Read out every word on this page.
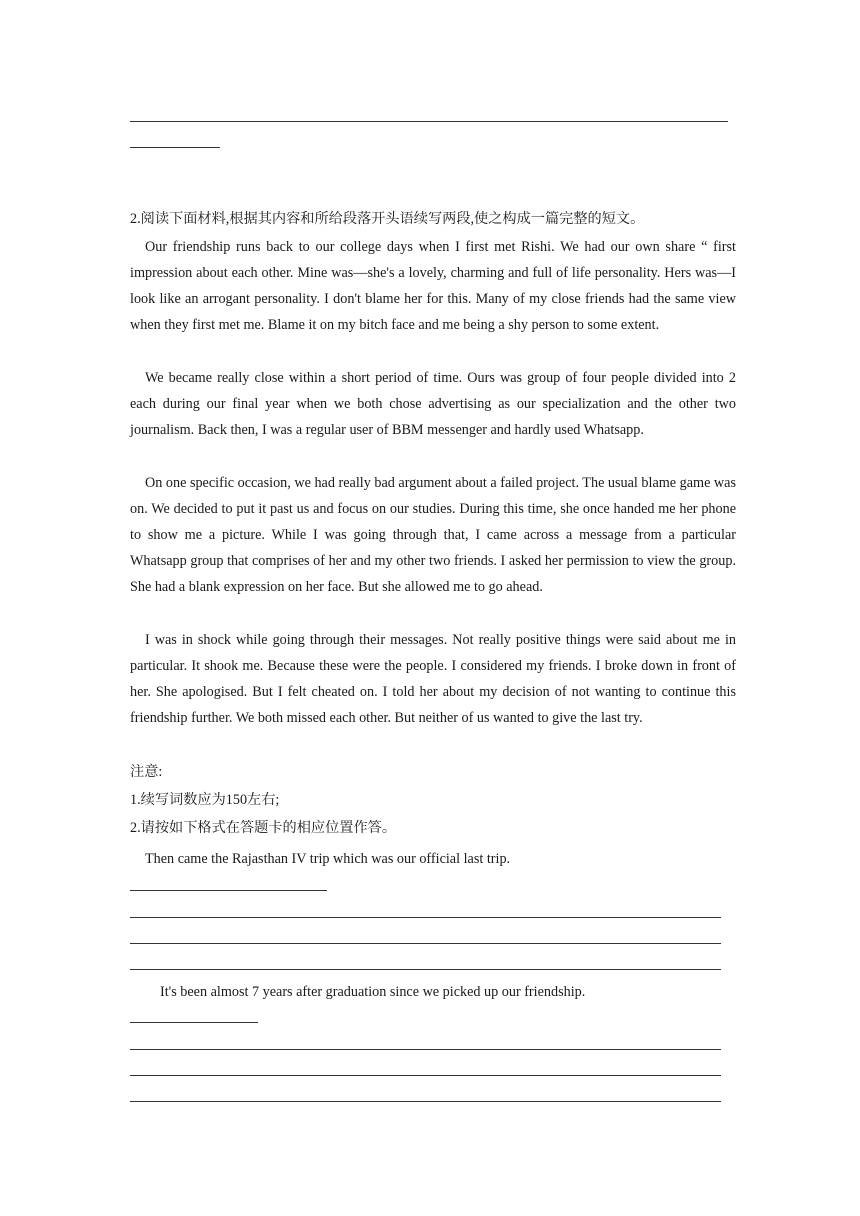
2.阅读下面材料,根据其内容和所给段落开头语续写两段,使之构成一篇完整的短文。

Our friendship runs back to our college days when I first met Rishi. We had our own share “ first impression about each other. Mine was—she's a lovely, charming and full of life personality. Hers was—I look like an arrogant personality. I don't blame her for this. Many of my close friends had the same view when they first met me. Blame it on my bitch face and me being a shy person to some extent.

We became really close within a short period of time. Ours was group of four people divided into 2 each during our final year when we both chose advertising as our specialization and the other two journalism. Back then, I was a regular user of BBM messenger and hardly used Whatsapp.

On one specific occasion, we had really bad argument about a failed project. The usual blame game was on. We decided to put it past us and focus on our studies. During this time, she once handed me her phone to show me a picture. While I was going through that, I came across a message from a particular Whatsapp group that comprises of her and my other two friends. I asked her permission to view the group. She had a blank expression on her face. But she allowed me to go ahead.

I was in shock while going through their messages. Not really positive things were said about me in particular. It shook me. Because these were the people. I considered my friends. I broke down in front of her. She apologised. But I felt cheated on. I told her about my decision of not wanting to continue this friendship further. We both missed each other. But neither of us wanted to give the last try.

注意:
1.续写词数应为150左右;
2.请按如下格式在答题卡的相应位置作答。
Then came the Rajasthan IV trip which was our official last trip.
It's been almost 7 years after graduation since we picked up our friendship.
